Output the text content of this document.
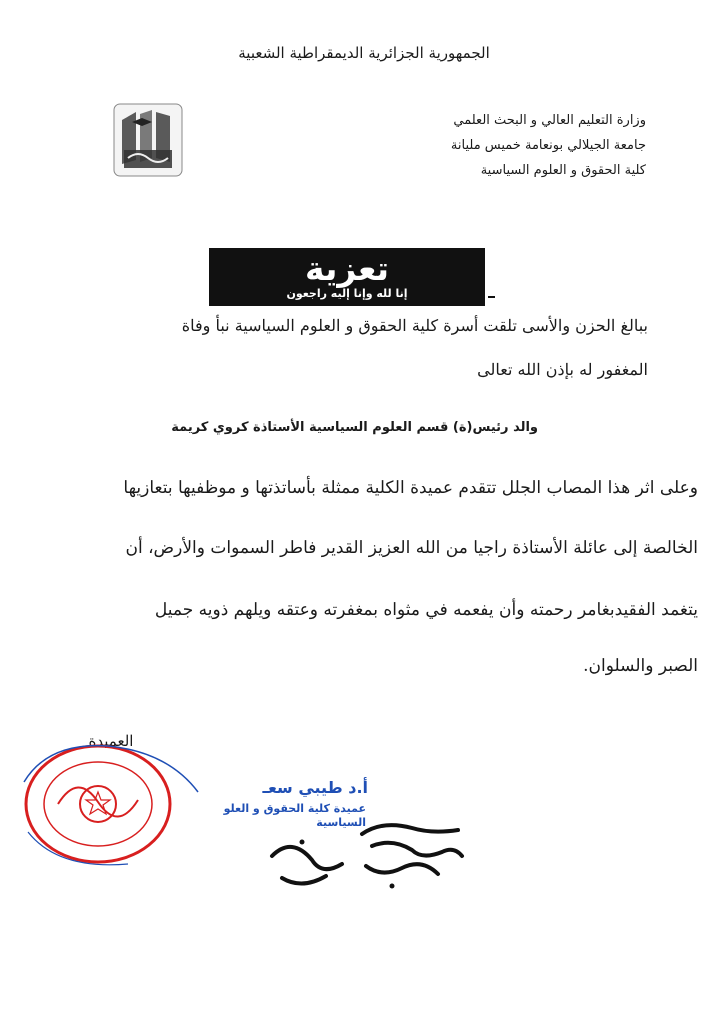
الجمهورية الجزائرية الديمقراطية الشعبية
وزارة التعليم العالي و البحث العلمي
جامعة الجيلالي بونعامة خميس مليانة
كلية الحقوق و العلوم السياسية
تعزية
إنا لله وإنا إليه راجعون
ببالغ الحزن والأسى تلقت أسرة كلية الحقوق و العلوم السياسية نبأ وفاة
المغفور له بإذن الله تعالى
والد رئيس(ة) قسم العلوم السياسية الأستاذة كروي كريمة
وعلى اثر هذا المصاب الجلل تتقدم عميدة الكلية ممثلة بأساتذتها و موظفيها بتعازيها
الخالصة إلى عائلة الأستاذة راجيا من الله العزيز القدير فاطر السموات والأرض، أن
يتغمد الفقيدبغامر رحمته وأن يفعمه في مثواه بمغفرته وعتقه ويلهم ذويه جميل
الصبر والسلوان.
العميدة
أ.د طيبي سعـ
عميدة كلية الحقوق و العلو
السياسية
